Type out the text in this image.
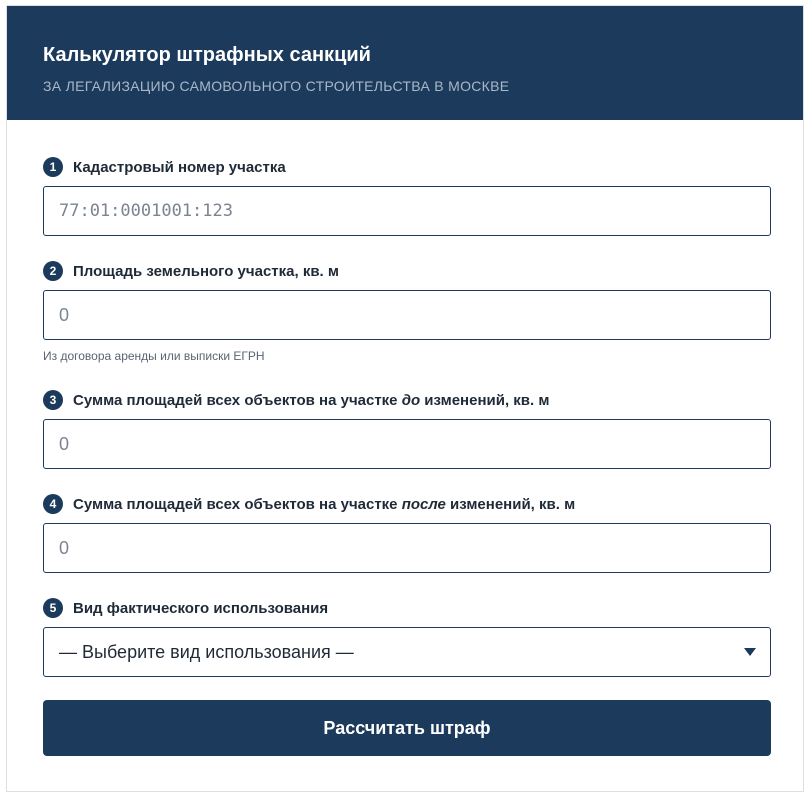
Калькулятор штрафных санкций
ЗА ЛЕГАЛИЗАЦИЮ САМОВОЛЬНОГО СТРОИТЕЛЬСТВА В МОСКВЕ
1	Кадастровый номер участка
77:01:0001001:123
2	Площадь земельного участка, кв. м
0
Из договора аренды или выписки ЕГРН
3	Сумма площадей всех объектов на участке до изменений, кв. м
0
4	Сумма площадей всех объектов на участке после изменений, кв. м
0
5	Вид фактического использования
— Выберите вид использования —
Рассчитать штраф
